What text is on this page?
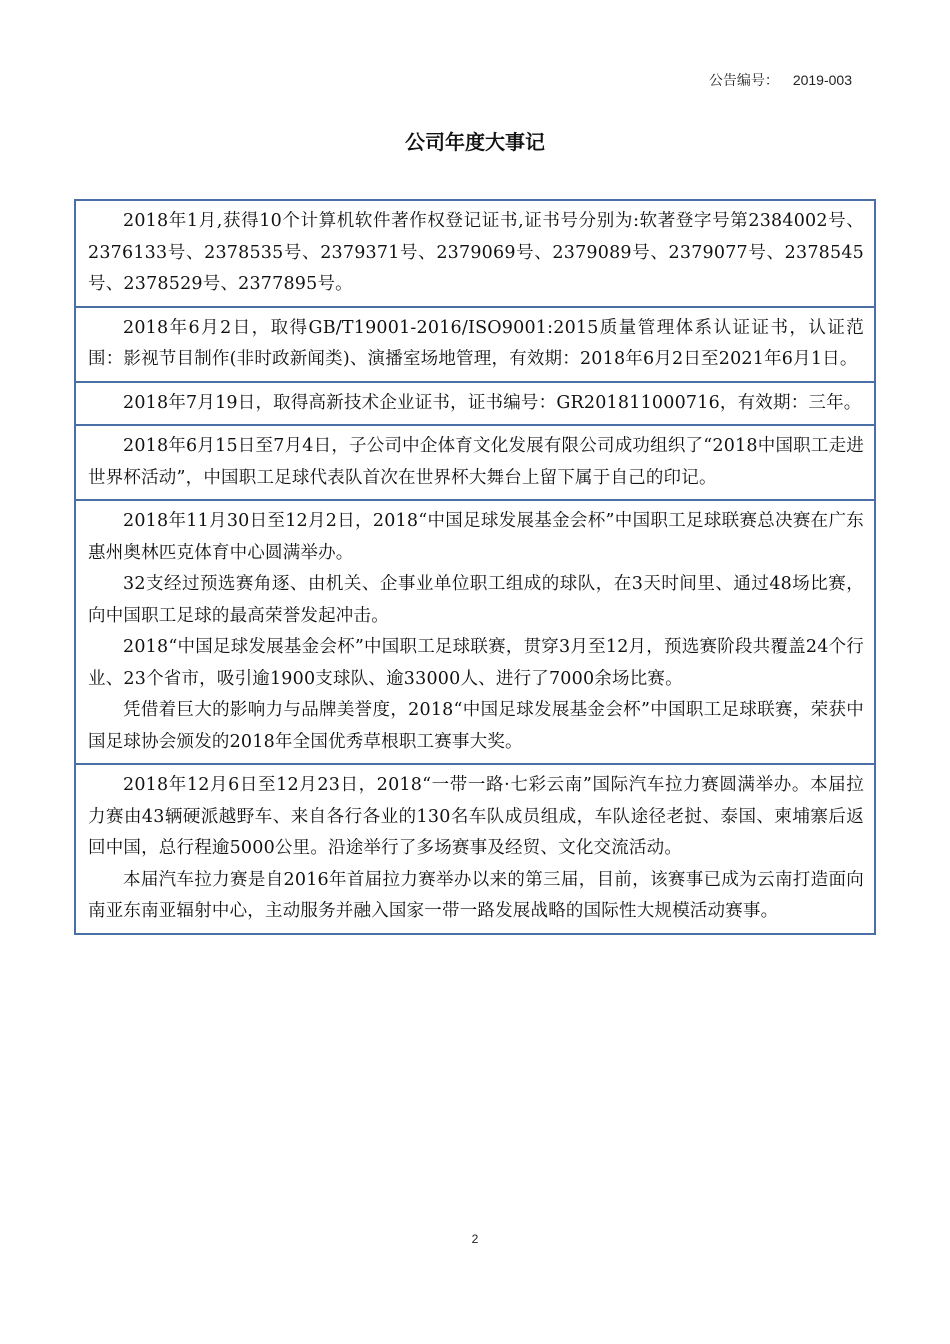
公告编号： 2019-003
公司年度大事记

2018年1月,获得10个计算机软件著作权登记证书,证书号分别为:软著登字号第2384002号、2376133号、2378535号、2379371号、2379069号、2379089号、2379077号、2378545号、2378529号、2377895号。

2018年6月2日，取得GB/T19001-2016/ISO9001:2015质量管理体系认证证书，认证范围：影视节目制作(非时政新闻类)、演播室场地管理，有效期：2018年6月2日至2021年6月1日。

2018年7月19日，取得高新技术企业证书，证书编号：GR201811000716，有效期：三年。

2018年6月15日至7月4日，子公司中企体育文化发展有限公司成功组织了“2018中国职工走进世界杯活动”，中国职工足球代表队首次在世界杯大舞台上留下属于自己的印记。

2018年11月30日至12月2日，2018“中国足球发展基金会杯”中国职工足球联赛总决赛在广东惠州奥林匹克体育中心圆满举办。

32支经过预选赛角逐、由机关、企事业单位职工组成的球队，在3天时间里、通过48场比赛，向中国职工足球的最高荣誉发起冲击。

2018“中国足球发展基金会杯”中国职工足球联赛，贯穿3月至12月，预选赛阶段共覆盖24个行业、23个省市，吸引逾1900支球队、逾33000人、进行了7000余场比赛。

凭借着巨大的影响力与品牌美誉度，2018“中国足球发展基金会杯”中国职工足球联赛，荣获中国足球协会颁发的2018年全国优秀草根职工赛事大奖。

2018年12月6日至12月23日，2018“一带一路·七彩云南”国际汽车拉力赛圆满举办。本届拉力赛由43辆硬派越野车、来自各行各业的130名车队成员组成，车队途径老挝、泰国、柬埔寨后返回中国，总行程逾5000公里。沿途举行了多场赛事及经贸、文化交流活动。

本届汽车拉力赛是自2016年首届拉力赛举办以来的第三届，目前，该赛事已成为云南打造面向南亚东南亚辐射中心，主动服务并融入国家一带一路发展战略的国际性大规模活动赛事。

2
